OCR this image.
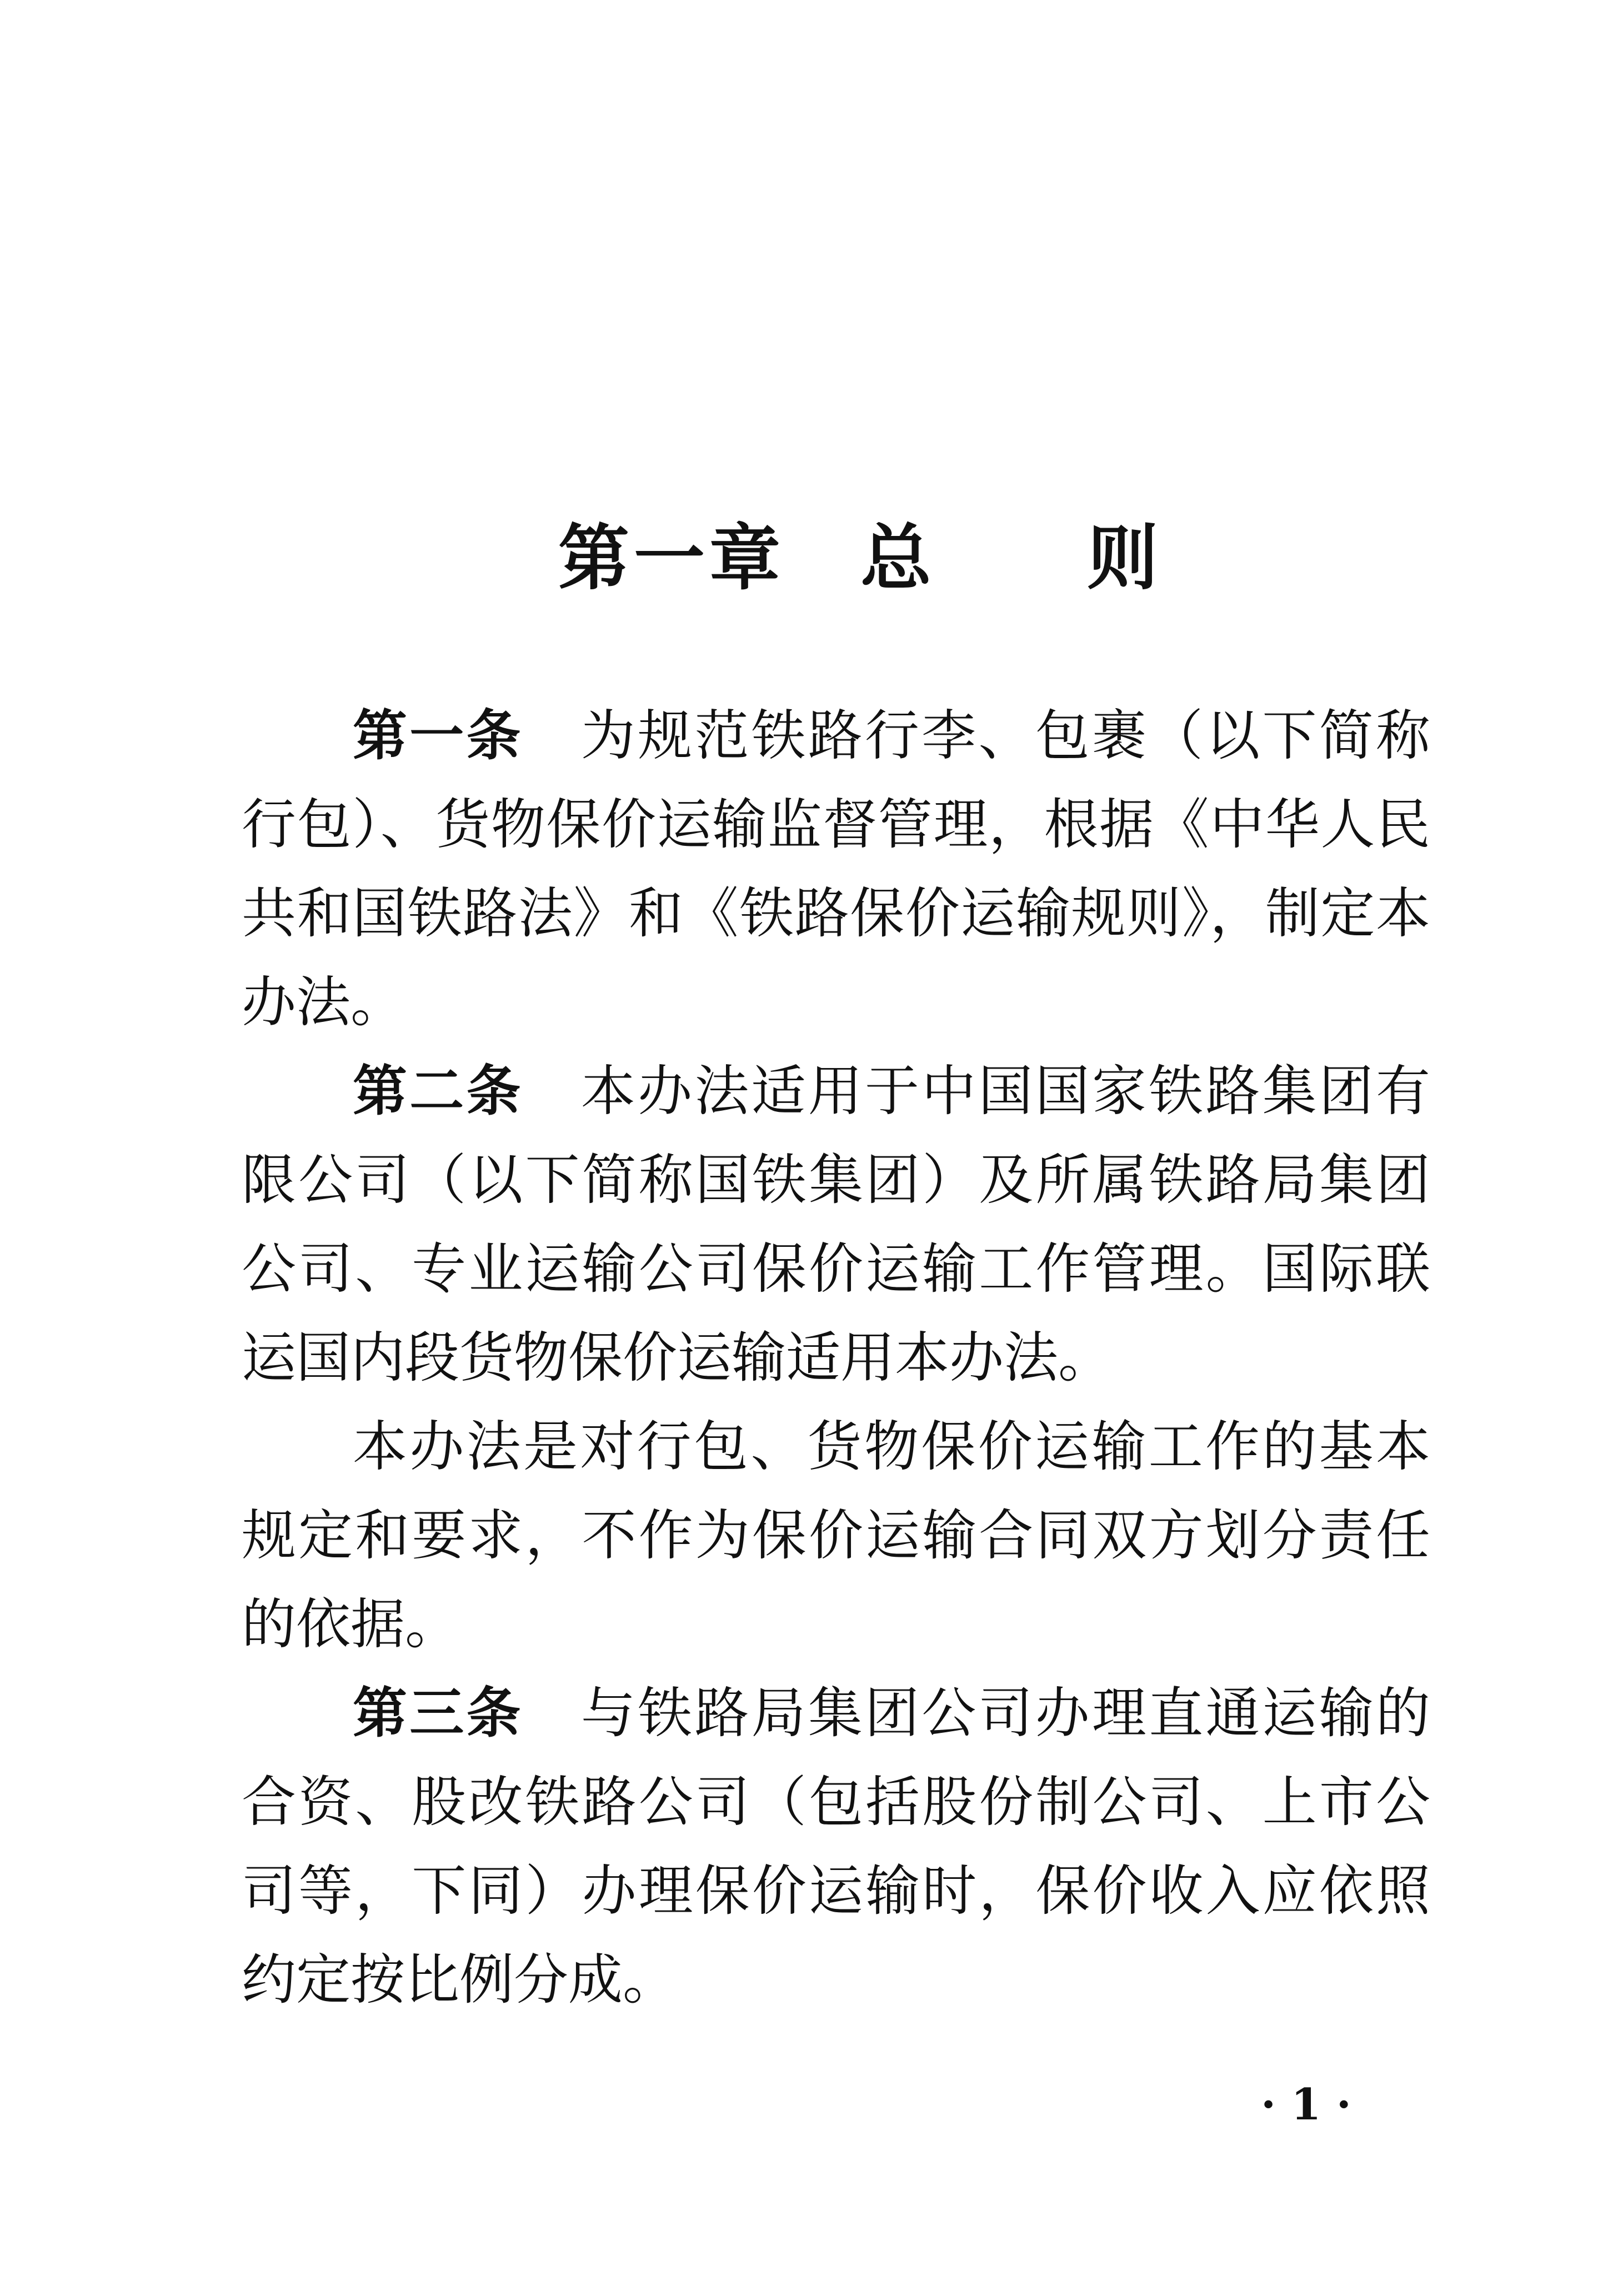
第一章　总　　则

第一条 为规范铁路行李、包裹（以下简称行包）、货物保价运输监督管理，根据《中华人民共和国铁路法》和《铁路保价运输规则》，制定本办法。

第二条 本办法适用于中国国家铁路集团有限公司（以下简称国铁集团）及所属铁路局集团公司、专业运输公司保价运输工作管理。国际联运国内段货物保价运输适用本办法。

本办法是对行包、货物保价运输工作的基本规定和要求，不作为保价运输合同双方划分责任的依据。

第三条 与铁路局集团公司办理直通运输的合资、股改铁路公司（包括股份制公司、上市公司等，下同）办理保价运输时，保价收入应依照约定按比例分成。

· 1 ·
